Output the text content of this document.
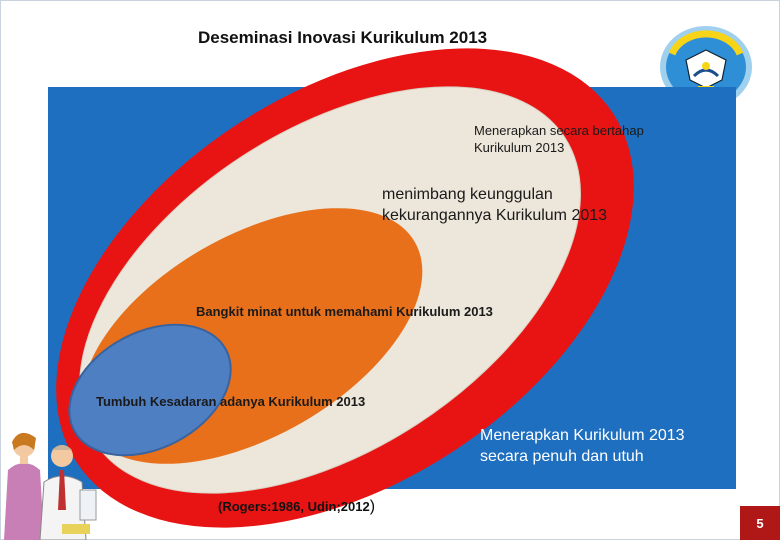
Deseminasi Inovasi Kurikulum 2013
Menerapkan secara bertahap
Kurikulum 2013
menimbang keunggulan
kekurangannya Kurikulum 2013
Bangkit minat untuk memahami Kurikulum 2013
Tumbuh Kesadaran adanya Kurikulum 2013
Menerapkan Kurikulum 2013
secara penuh dan utuh
(Rogers:1986, Udin;2012)
5
